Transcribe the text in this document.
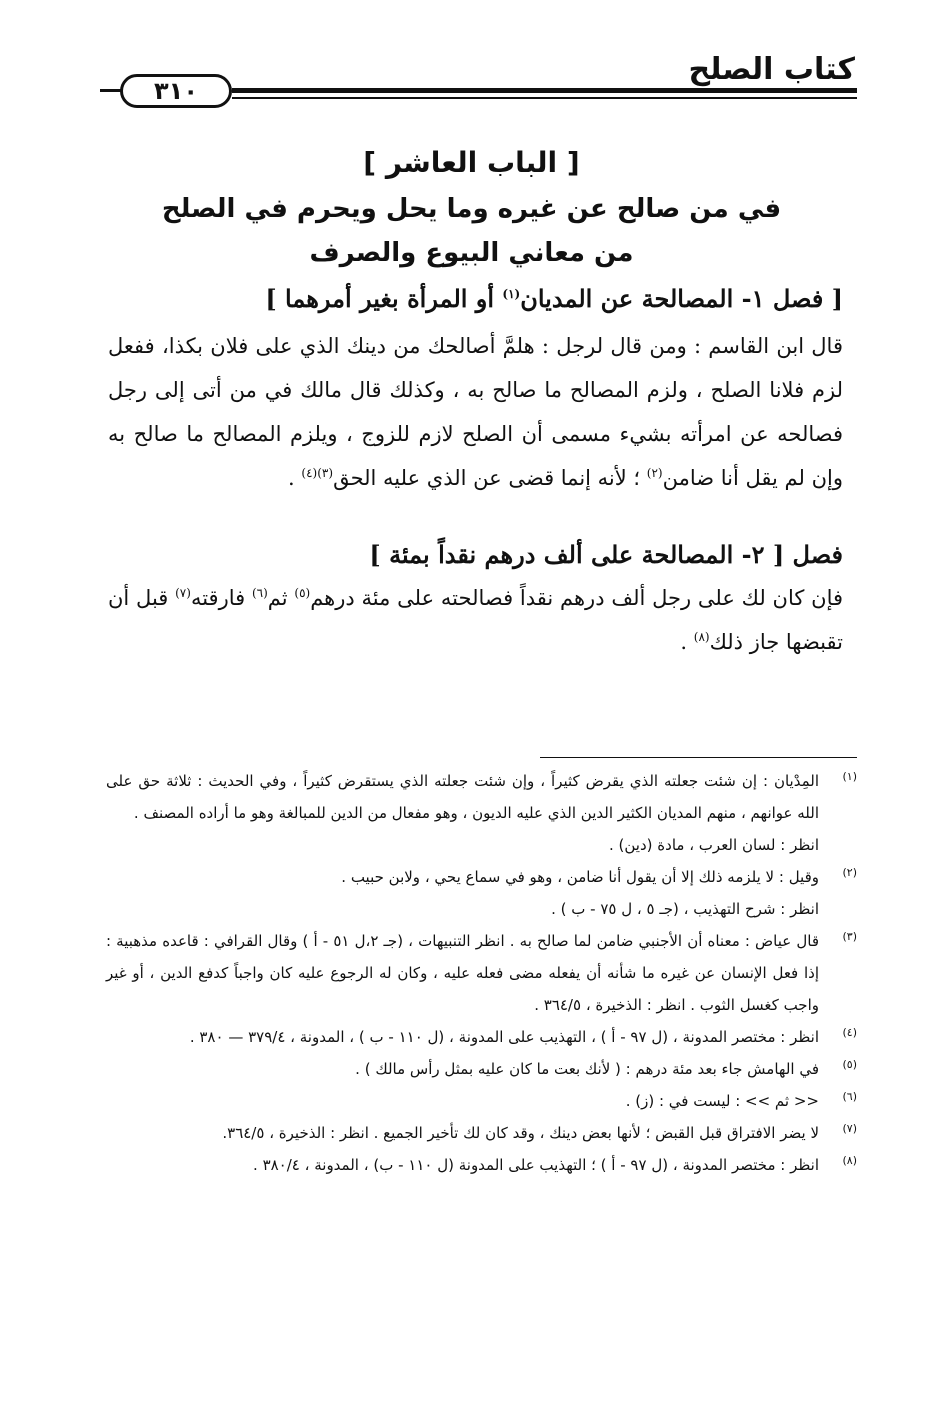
كتاب الصلح
٣١٠
[ الباب العاشر ]
في من صالح عن غيره وما يحل ويحرم في الصلح
من معاني البيوع والصرف
[ فصل ١- المصالحة عن المديان$^{(١)}$ أو المرأة بغير أمرهما ]
قال ابن القاسم : ومن قال لرجل : هلمَّ أصالحك من دينك الذي على فلان بكذا، ففعل لزم فلانا الصلح ، ولزم المصالح ما صالح به ، وكذلك قال مالك في من أتى إلى رجل فصالحه عن امرأته بشيء مسمى أن الصلح لازم للزوج ، ويلزم المصالح ما صالح به وإن لم يقل أنا ضامن$^{(٢)}$ ؛ لأنه إنما قضى عن الذي عليه الحق$^{(٣)(٤)}$ .
فصل [ ٢- المصالحة على ألف درهم نقداً بمئة ]
فإن كان لك على رجل ألف درهم نقداً فصالحته على مئة درهم$^{(٥)}$ ثم$^{(٦)}$ فارقته$^{(٧)}$ قبل أن تقبضها جاز ذلك$^{(٨)}$ .
(١)
المِدْيان : إن شئت جعلته الذي يقرض كثيراً ، وإن شئت جعلته الذي يستقرض كثيراً ، وفي الحديث : ثلاثة حق على الله عوانهم ، منهم المديان الكثير الدين الذي عليه الديون ، وهو مفعال من الدين للمبالغة وهو ما أراده المصنف .
انظر : لسان العرب ، مادة (دين) .
(٢)
وقيل : لا يلزمه ذلك إلا أن يقول أنا ضامن ، وهو في سماع يحي ، ولابن حبيب .
انظر : شرح التهذيب ، (جـ ٥ ، ل ٧٥ - ب ) .
(٣)
قال عياض : معناه أن الأجنبي ضامن لما صالح به . انظر التنبيهات ، (جـ ٢،ل ٥١ - أ ) وقال القرافي : قاعده مذهبية : إذا فعل الإنسان عن غيره ما شأنه أن يفعله مضى فعله عليه ، وكان له الرجوع عليه كان واجباً كدفع الدين ، أو غير واجب كغسل الثوب . انظر : الذخيرة ، ٣٦٤/٥ .
(٤)
انظر : مختصر المدونة ، (ل ٩٧ - أ ) ، التهذيب على المدونة ، (ل ١١٠ - ب ) ، المدونة ، ٣٧٩/٤ — ٣٨٠ .
(٥)
في الهامش جاء بعد مئة درهم : ( لأنك بعت ما كان عليه بمثل رأس مالك ) .
(٦)
<< ثم >> : ليست في : (ز) .
(٧)
لا يضر الافتراق قبل القبض ؛ لأنها بعض دينك ، وقد كان لك تأخير الجميع . انظر : الذخيرة ، ٣٦٤/٥.
(٨)
انظر : مختصر المدونة ، (ل ٩٧ - أ ) ؛ التهذيب على المدونة (ل ١١٠ - ب) ، المدونة ، ٣٨٠/٤ .
